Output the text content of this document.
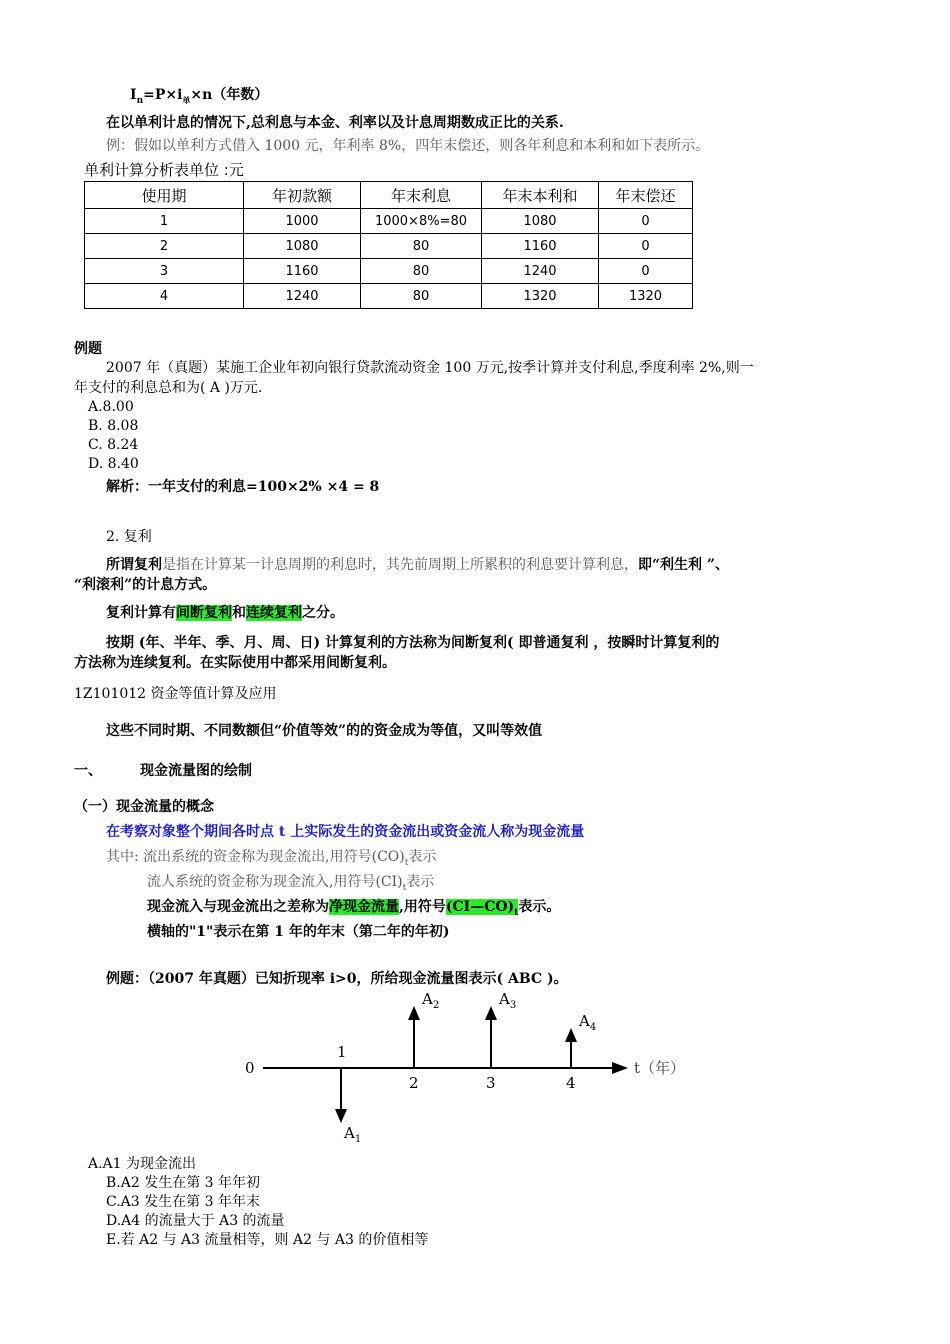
$I_n=P\times i_单\times n$（年数）
在以单利计息的情况下,总利息与本金、利率以及计息周期数成正比的关系.
例：假如以单利方式借入 1000 元，年利率 8%，四年末偿还，则各年利息和本利和如下表所示。
单利计算分析表单位 :元
使用期	年初款额	年末利息	年末本利和	年末偿还
1	1000	1000×8%=80	1080	0
2	1080	80	1160	0
3	1160	80	1240	0
4	1240	80	1320	1320
例题
2007 年（真题）某施工企业年初向银行贷款流动资金 100 万元,按季计算并支付利息,季度利率 2%,则一
年支付的利息总和为( A )万元.
A.8.00
B. 8.08
C. 8.24
D. 8.40
解析：一年支付的利息=100×2% ×4 = 8
2. 复利
所谓复利是指在计算某一计息周期的利息时，其先前周期上所累积的利息要计算利息，即“利生利 ”、
“利滚利”的计息方式。
复利计算有间断复利和连续复利之分。
按期 (年、半年、季、月、周、日) 计算复利的方法称为间断复利( 即普通复利 ，按瞬时计算复利的
方法称为连续复利。在实际使用中都采用间断复利。
1Z101012 资金等值计算及应用
这些不同时期、不同数额但“价值等效”的的资金成为等值，又叫等效值
一、	现金流量图的绘制
（一）现金流量的概念
在考察对象整个期间各时点 t 上实际发生的资金流出或资金流人称为现金流量
其中: 流出系统的资金称为现金流出,用符号$(CO)_t$表示
流人系统的资金称为现金流入,用符号$(CI)_t$表示
现金流入与现金流出之差称为净现金流量,用符号$(CI—CO)_t$表示。
横轴的"1"表示在第 1 年的年末（第二年的年初)
例题：（2007 年真题）已知折现率 i>0，所给现金流量图表示( ABC )。
0
1
2	3	4
t（年）
$A_1$
$A_2$	$A_3$
$A_4$
A.A1 为现金流出
B.A2 发生在第 3 年年初
C.A3 发生在第 3 年年末
D.A4 的流量大于 A3 的流量
E.若 A2 与 A3 流量相等，则 A2 与 A3 的价值相等
